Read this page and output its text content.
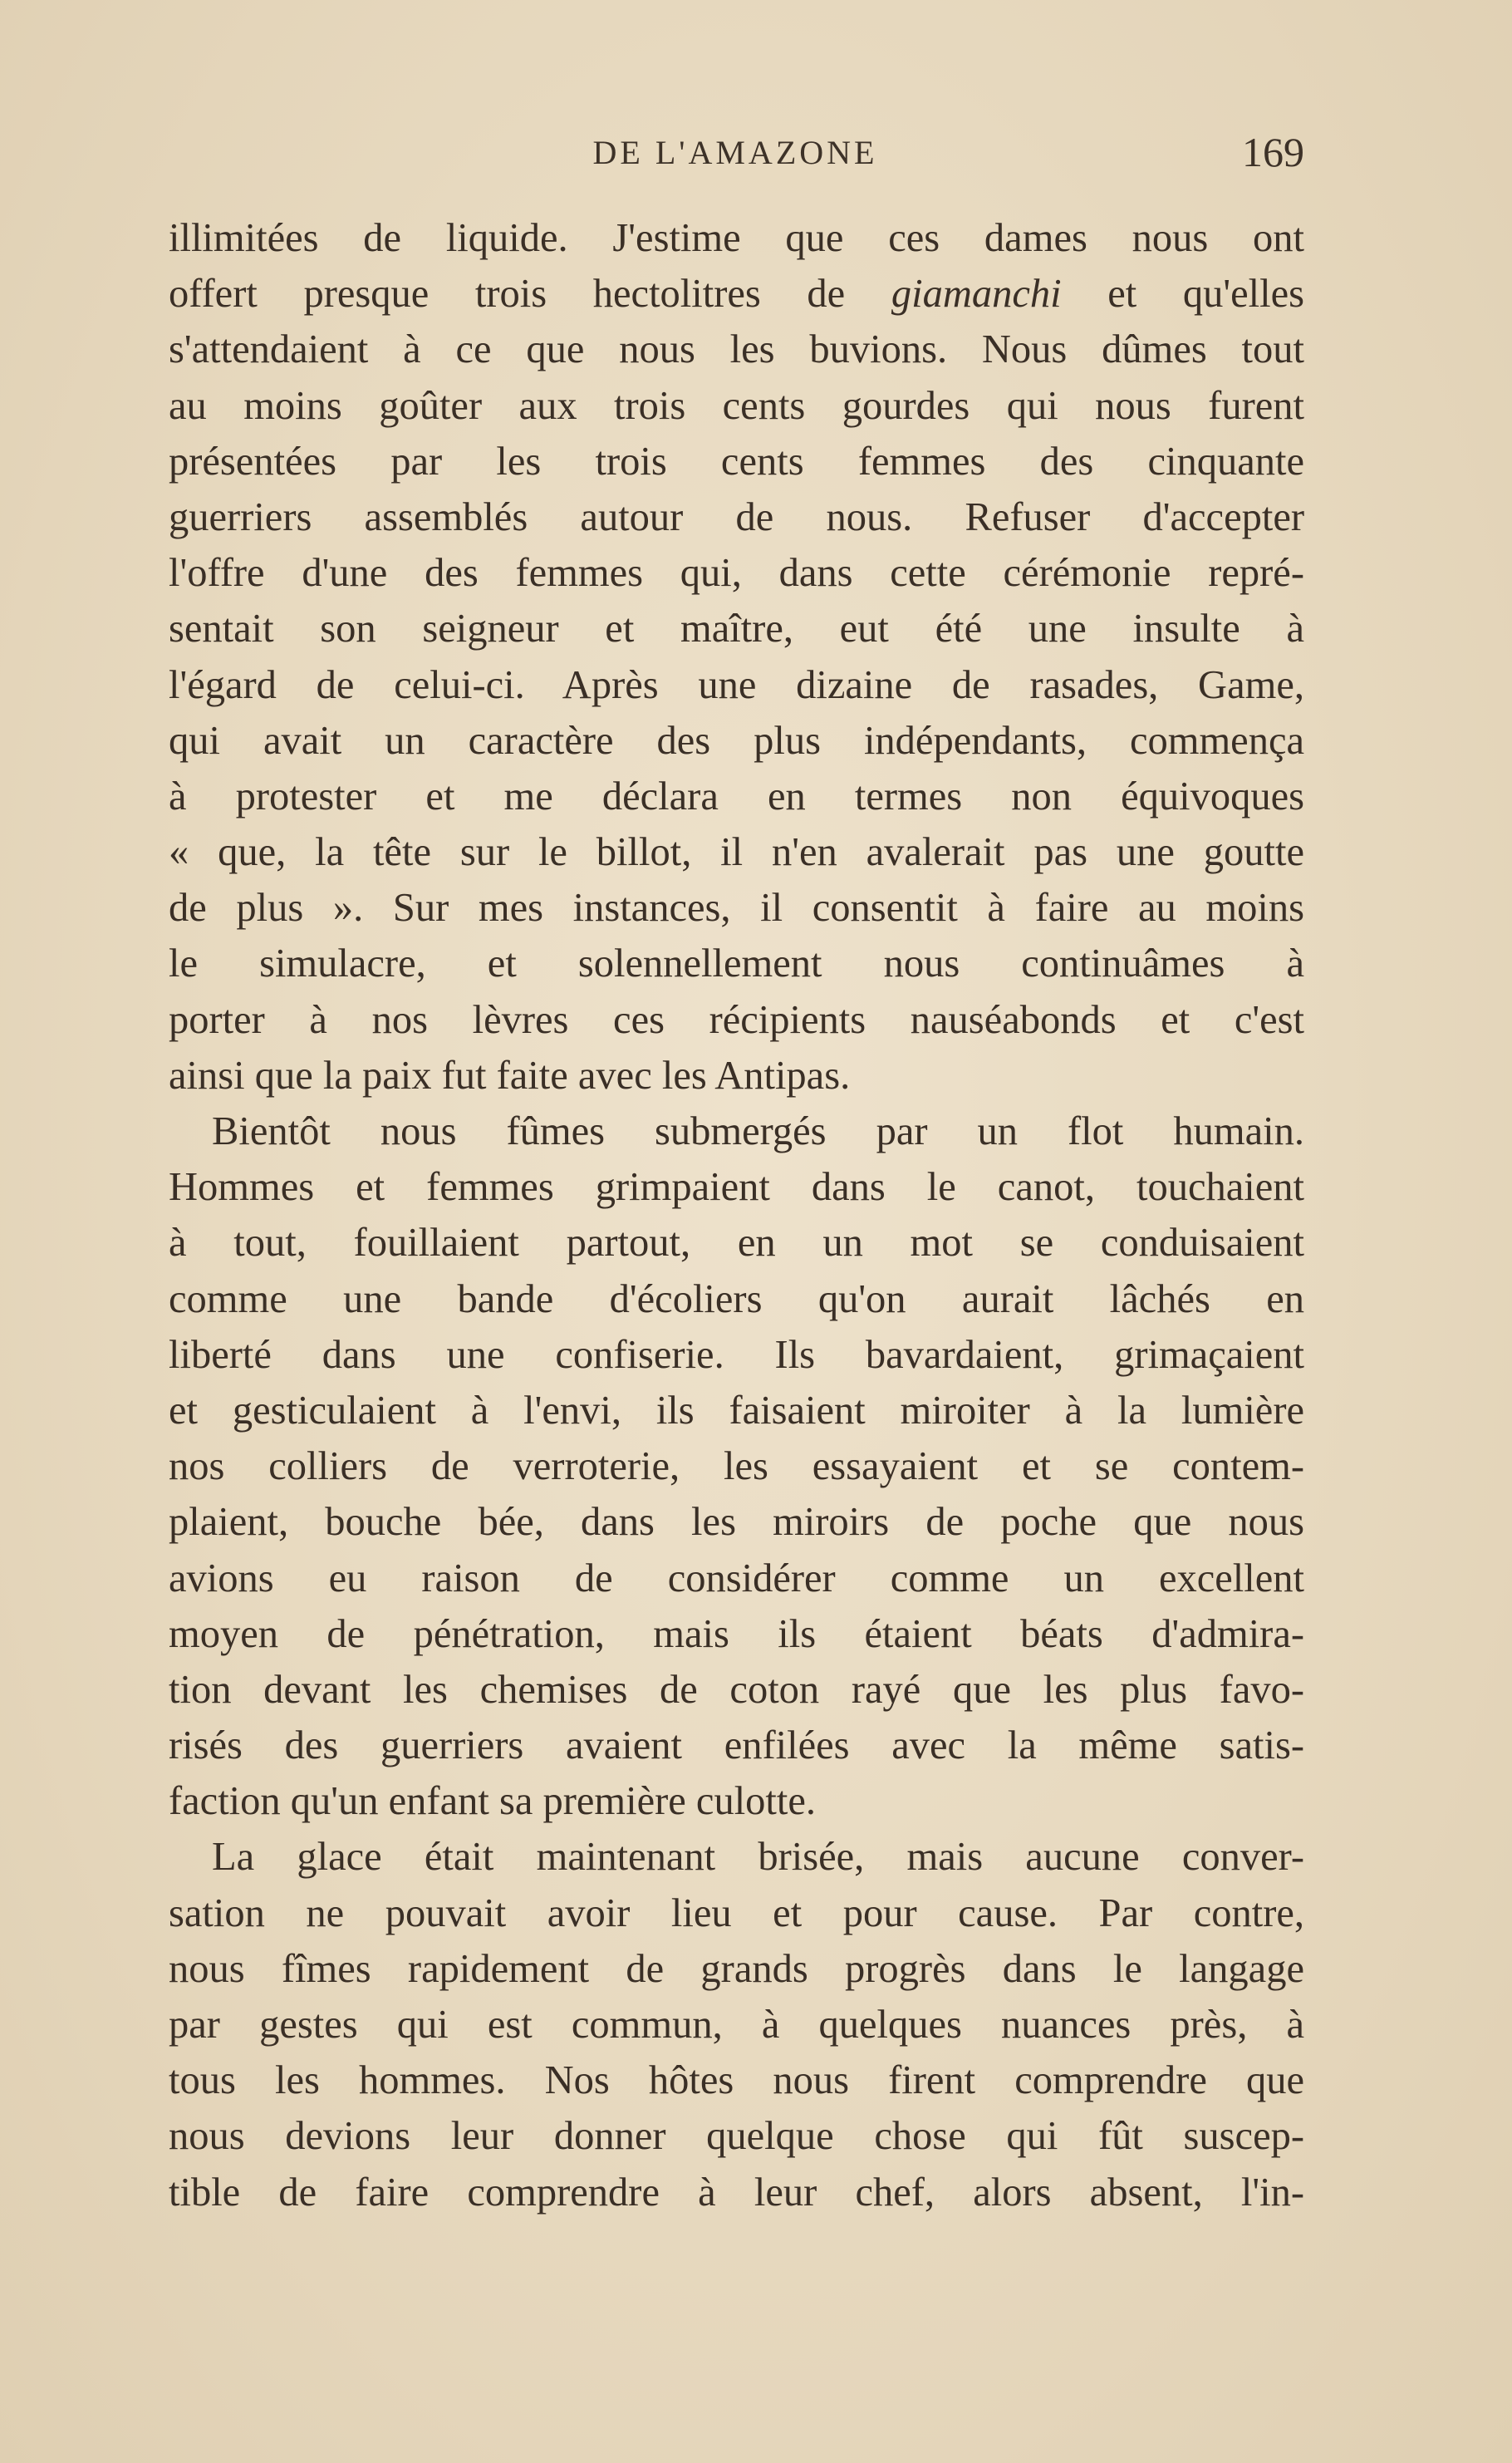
DE L'AMAZONE	169
illimitées de liquide. J'estime que ces dames nous ont
offert presque trois hectolitres de giamanchi et qu'elles
s'attendaient à ce que nous les buvions. Nous dûmes tout
au moins goûter aux trois cents gourdes qui nous furent
présentées par les trois cents femmes des cinquante
guerriers assemblés autour de nous. Refuser d'accepter
l'offre d'une des femmes qui, dans cette cérémonie repré-
sentait son seigneur et maître, eut été une insulte à
l'égard de celui-ci. Après une dizaine de rasades, Game,
qui avait un caractère des plus indépendants, commença
à protester et me déclara en termes non équivoques
« que, la tête sur le billot, il n'en avalerait pas une goutte
de plus ». Sur mes instances, il consentit à faire au moins
le simulacre, et solennellement nous continuâmes à
porter à nos lèvres ces récipients nauséabonds et c'est
ainsi que la paix fut faite avec les Antipas.
Bientôt nous fûmes submergés par un flot humain.
Hommes et femmes grimpaient dans le canot, touchaient
à tout, fouillaient partout, en un mot se conduisaient
comme une bande d'écoliers qu'on aurait lâchés en
liberté dans une confiserie. Ils bavardaient, grimaçaient
et gesticulaient à l'envi, ils faisaient miroiter à la lumière
nos colliers de verroterie, les essayaient et se contem-
plaient, bouche bée, dans les miroirs de poche que nous
avions eu raison de considérer comme un excellent
moyen de pénétration, mais ils étaient béats d'admira-
tion devant les chemises de coton rayé que les plus favo-
risés des guerriers avaient enfilées avec la même satis-
faction qu'un enfant sa première culotte.
La glace était maintenant brisée, mais aucune conver-
sation ne pouvait avoir lieu et pour cause. Par contre,
nous fîmes rapidement de grands progrès dans le langage
par gestes qui est commun, à quelques nuances près, à
tous les hommes. Nos hôtes nous firent comprendre que
nous devions leur donner quelque chose qui fût suscep-
tible de faire comprendre à leur chef, alors absent, l'in-
